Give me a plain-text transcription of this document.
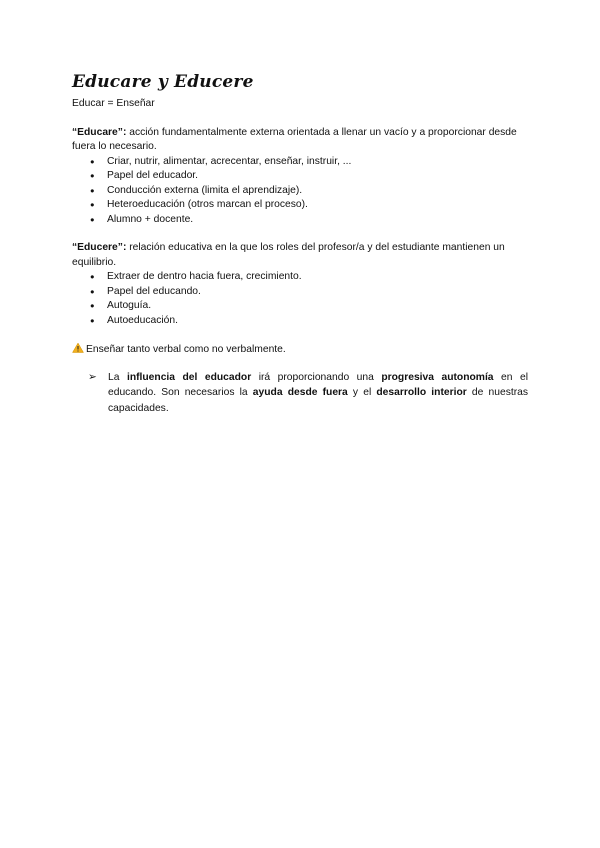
Educare y Educere

Educar = Enseñar

“Educare”: acción fundamentalmente externa orientada a llenar un vacío y a proporcionar desde fuera lo necesario.

● Criar, nutrir, alimentar, acrecentar, enseñar, instruir, ...
● Papel del educador.
● Conducción externa (limita el aprendizaje).
● Heteroeducación (otros marcan el proceso).
● Alumno + docente.

“Educere”: relación educativa en la que los roles del profesor/a y del estudiante mantienen un equilibrio.

● Extraer de dentro hacia fuera, crecimiento.
● Papel del educando.
● Autoguía.
● Autoeducación.

Enseñar tanto verbal como no verbalmente.

➢ La influencia del educador irá proporcionando una progresiva autonomía en el educando. Son necesarios la ayuda desde fuera y el desarrollo interior de nuestras capacidades.
